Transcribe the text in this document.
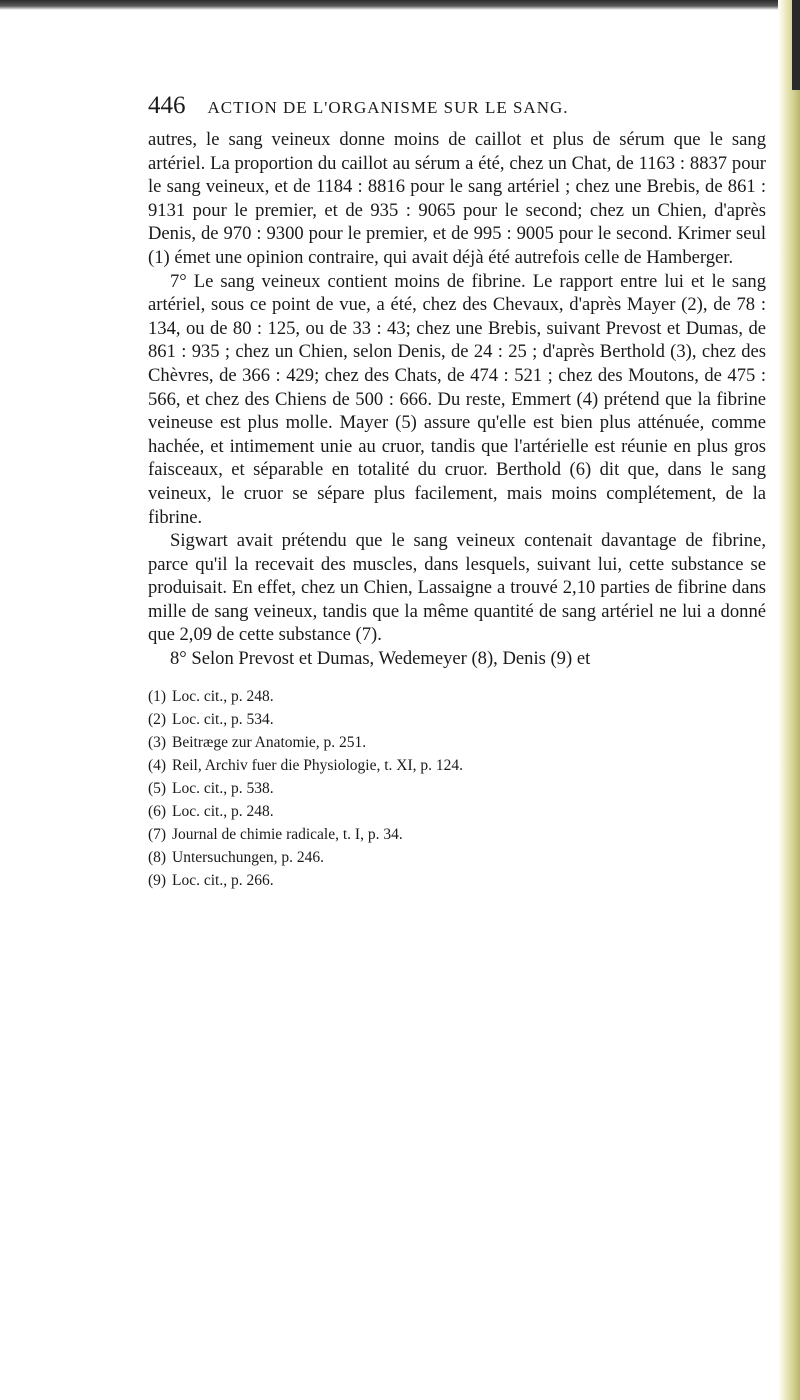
446 ACTION DE L'ORGANISME SUR LE SANG.

autres, le sang veineux donne moins de caillot et plus de sérum que le sang artériel. La proportion du caillot au sérum a été, chez un Chat, de 1163 : 8837 pour le sang veineux, et de 1184 : 8816 pour le sang artériel ; chez une Brebis, de 861 : 9131 pour le premier, et de 935 : 9065 pour le second; chez un Chien, d'après Denis, de 970 : 9300 pour le premier, et de 995 : 9005 pour le second. Krimer seul (1) émet une opinion contraire, qui avait déjà été autrefois celle de Hamberger.

7° Le sang veineux contient moins de fibrine. Le rapport entre lui et le sang artériel, sous ce point de vue, a été, chez des Chevaux, d'après Mayer (2), de 78 : 134, ou de 80 : 125, ou de 33 : 43; chez une Brebis, suivant Prevost et Dumas, de 861 : 935 ; chez un Chien, selon Denis, de 24 : 25 ; d'après Berthold (3), chez des Chèvres, de 366 : 429; chez des Chats, de 474 : 521 ; chez des Moutons, de 475 : 566, et chez des Chiens de 500 : 666. Du reste, Emmert (4) prétend que la fibrine veineuse est plus molle. Mayer (5) assure qu'elle est bien plus atténuée, comme hachée, et intimement unie au cruor, tandis que l'artérielle est réunie en plus gros faisceaux, et séparable en totalité du cruor. Berthold (6) dit que, dans le sang veineux, le cruor se sépare plus facilement, mais moins complétement, de la fibrine.

Sigwart avait prétendu que le sang veineux contenait davantage de fibrine, parce qu'il la recevait des muscles, dans lesquels, suivant lui, cette substance se produisait. En effet, chez un Chien, Lassaigne a trouvé 2,10 parties de fibrine dans mille de sang veineux, tandis que la même quantité de sang artériel ne lui a donné que 2,09 de cette substance (7).

8° Selon Prevost et Dumas, Wedemeyer (8), Denis (9) et

(1) Loc. cit., p. 248.
(2) Loc. cit., p. 534.
(3) Beitræge zur Anatomie, p. 251.
(4) Reil, Archiv fuer die Physiologie, t. XI, p. 124.
(5) Loc. cit., p. 538.
(6) Loc. cit., p. 248.
(7) Journal de chimie radicale, t. I, p. 34.
(8) Untersuchungen, p. 246.
(9) Loc. cit., p. 266.
